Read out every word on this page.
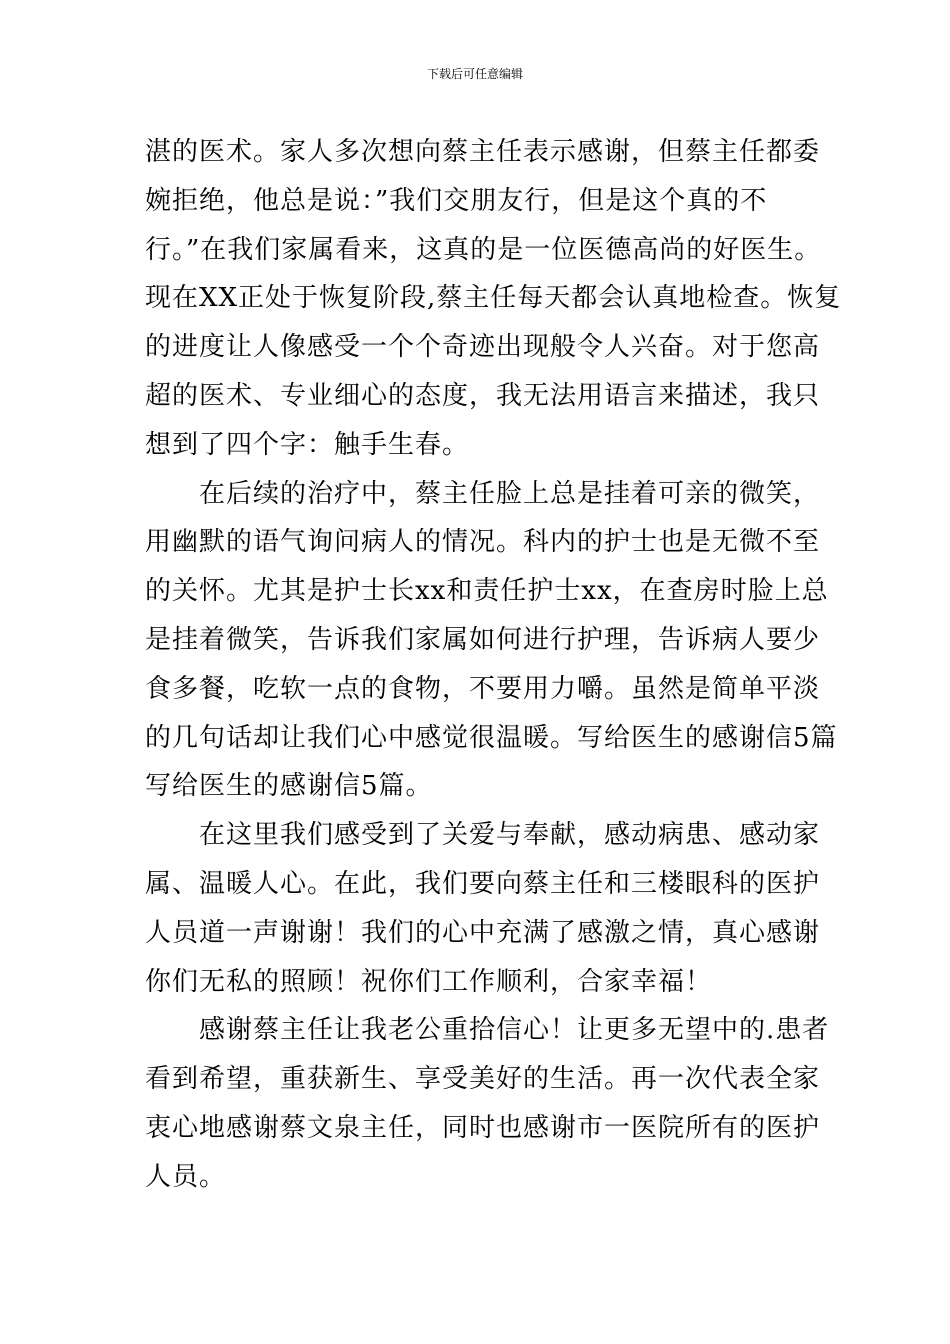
下载后可任意编辑
湛的医术。家人多次想向蔡主任表示感谢，但蔡主任都委
婉拒绝，他总是说：”我们交朋友行，但是这个真的不
行。”在我们家属看来，这真的是一位医德高尚的好医生。
现在XX正处于恢复阶段,蔡主任每天都会认真地检查。恢复
的进度让人像感受一个个奇迹出现般令人兴奋。对于您高
超的医术、专业细心的态度，我无法用语言来描述，我只
想到了四个字：触手生春。
在后续的治疗中，蔡主任脸上总是挂着可亲的微笑，
用幽默的语气询问病人的情况。科内的护士也是无微不至
的关怀。尤其是护士长xx和责任护士xx，在查房时脸上总
是挂着微笑，告诉我们家属如何进行护理，告诉病人要少
食多餐，吃软一点的食物，不要用力嚼。虽然是简单平淡
的几句话却让我们心中感觉很温暖。写给医生的感谢信5篇
写给医生的感谢信5篇。
在这里我们感受到了关爱与奉献，感动病患、感动家
属、温暖人心。在此，我们要向蔡主任和三楼眼科的医护
人员道一声谢谢！我们的心中充满了感激之情，真心感谢
你们无私的照顾！祝你们工作顺利，合家幸福！
感谢蔡主任让我老公重拾信心！让更多无望中的.患者
看到希望，重获新生、享受美好的生活。再一次代表全家
衷心地感谢蔡文泉主任，同时也感谢市一医院所有的医护
人员。
